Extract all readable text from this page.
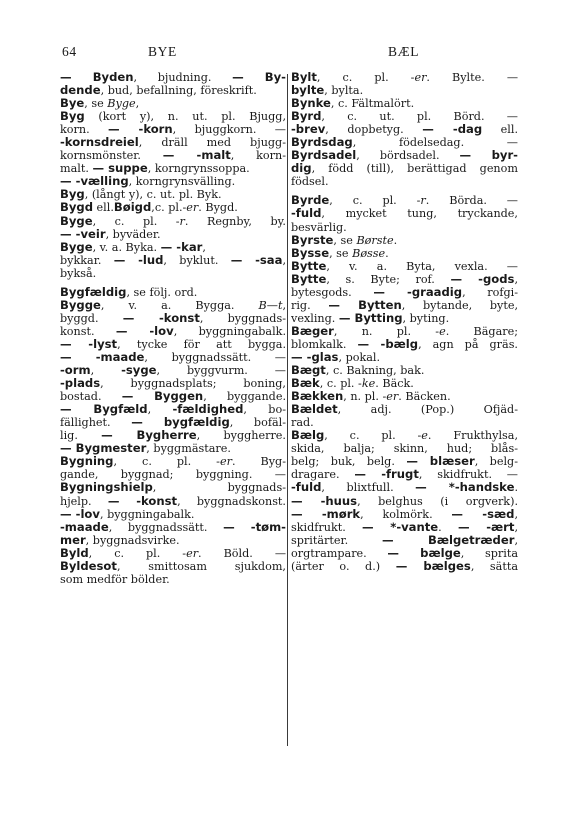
64	BYE	BÆL

— Byden, bjudning. — By-

dende, bud, befallning, föreskrift.

Bye, se Byge,

Byg (kort y), n. ut. pl. Bjugg,

korn. — -korn, bjuggkorn. —

-kornsdreiel, dräll med bjugg-

kornsmönster. — -malt, korn-

malt. — suppe, korngrynssoppa.

— -vælling, korngrynsvälling.

Byg, (långt y), c. ut. pl. Byk.

Bygd ell.Bøigd,c. pl.-er. Bygd.

Byge, c. pl. -r. Regnby, by.

— -veir, byväder.

Byge, v. a. Byka. — -kar,

bykkar. — -lud, byklut. — -saa,

bykså.

Bygfældig, se följ. ord.

Bygge, v. a. Bygga. B—t,

byggd. — -konst, byggnads-

konst. — -lov, byggningabalk.

— -lyst, tycke för att bygga.

— -maade, byggnadssätt. —

-orm, -syge, byggvurm. —

-plads, byggnadsplats; boning,

bostad. — Byggen, byggande.

— Bygfæld, -fældighed, bo-

fällighet. — bygfældig, bofäl-

lig. — Bygherre, byggherre.

— Bygmester, byggmästare.

Bygning, c. pl. -er. Byg-

gande, byggnad; byggning. —

Bygningshielp, byggnads-

hjelp. — -konst, byggnadskonst.

— -lov, byggningabalk.

-maade, byggnadssätt. — -tøm-

mer, byggnadsvirke.

Byld, c. pl. -er. Böld. —

Byldesot, smittosam sjukdom,

som medför bölder.

Bylt, c. pl. -er. Bylte. —

bylte, bylta.

Bynke, c. Fältmalört.

Byrd, c. ut. pl. Börd. —

-brev, dopbetyg. — -dag ell.

Byrdsdag, födelsedag. —

Byrdsadel, bördsadel. — byr-

dig, född (till), berättigad genom

födsel.

Byrde, c. pl. -r. Börda. —

-fuld, mycket tung, tryckande,

besvärlig.

Byrste, se Børste.

Bysse, se Bøsse.

Bytte, v. a. Byta, vexla. —

Bytte, s. Byte; rof. — -gods,

bytesgods. — -graadig, rofgi-

rig. — Bytten, bytande, byte,

vexling. — Bytting, byting.

Bæger, n. pl. -e. Bägare;

blomkalk. — -bælg, agn på gräs.

— -glas, pokal.

Bægt, c. Bakning, bak.

Bæk, c. pl. -ke. Bäck.

Bækken, n. pl. -er. Bäcken.

Bældet, adj. (Pop.) Ofjäd-

rad.

Bælg, c. pl. -e. Frukthylsa,

skida, balja; skinn, hud; blås-

belg; buk, belg. — blæser, belg-

dragare. — -frugt, skidfrukt. —

-fuld, blixtfull. — *-handske.

— -huus, belghus (i orgverk).

— -mørk, kolmörk. — -sæd,

skidfrukt. — *-vante. — -ært,

spritärter. — Bælgetræder,

orgtrampare. — bælge, sprita

(ärter o. d.) — bælges, sätta
